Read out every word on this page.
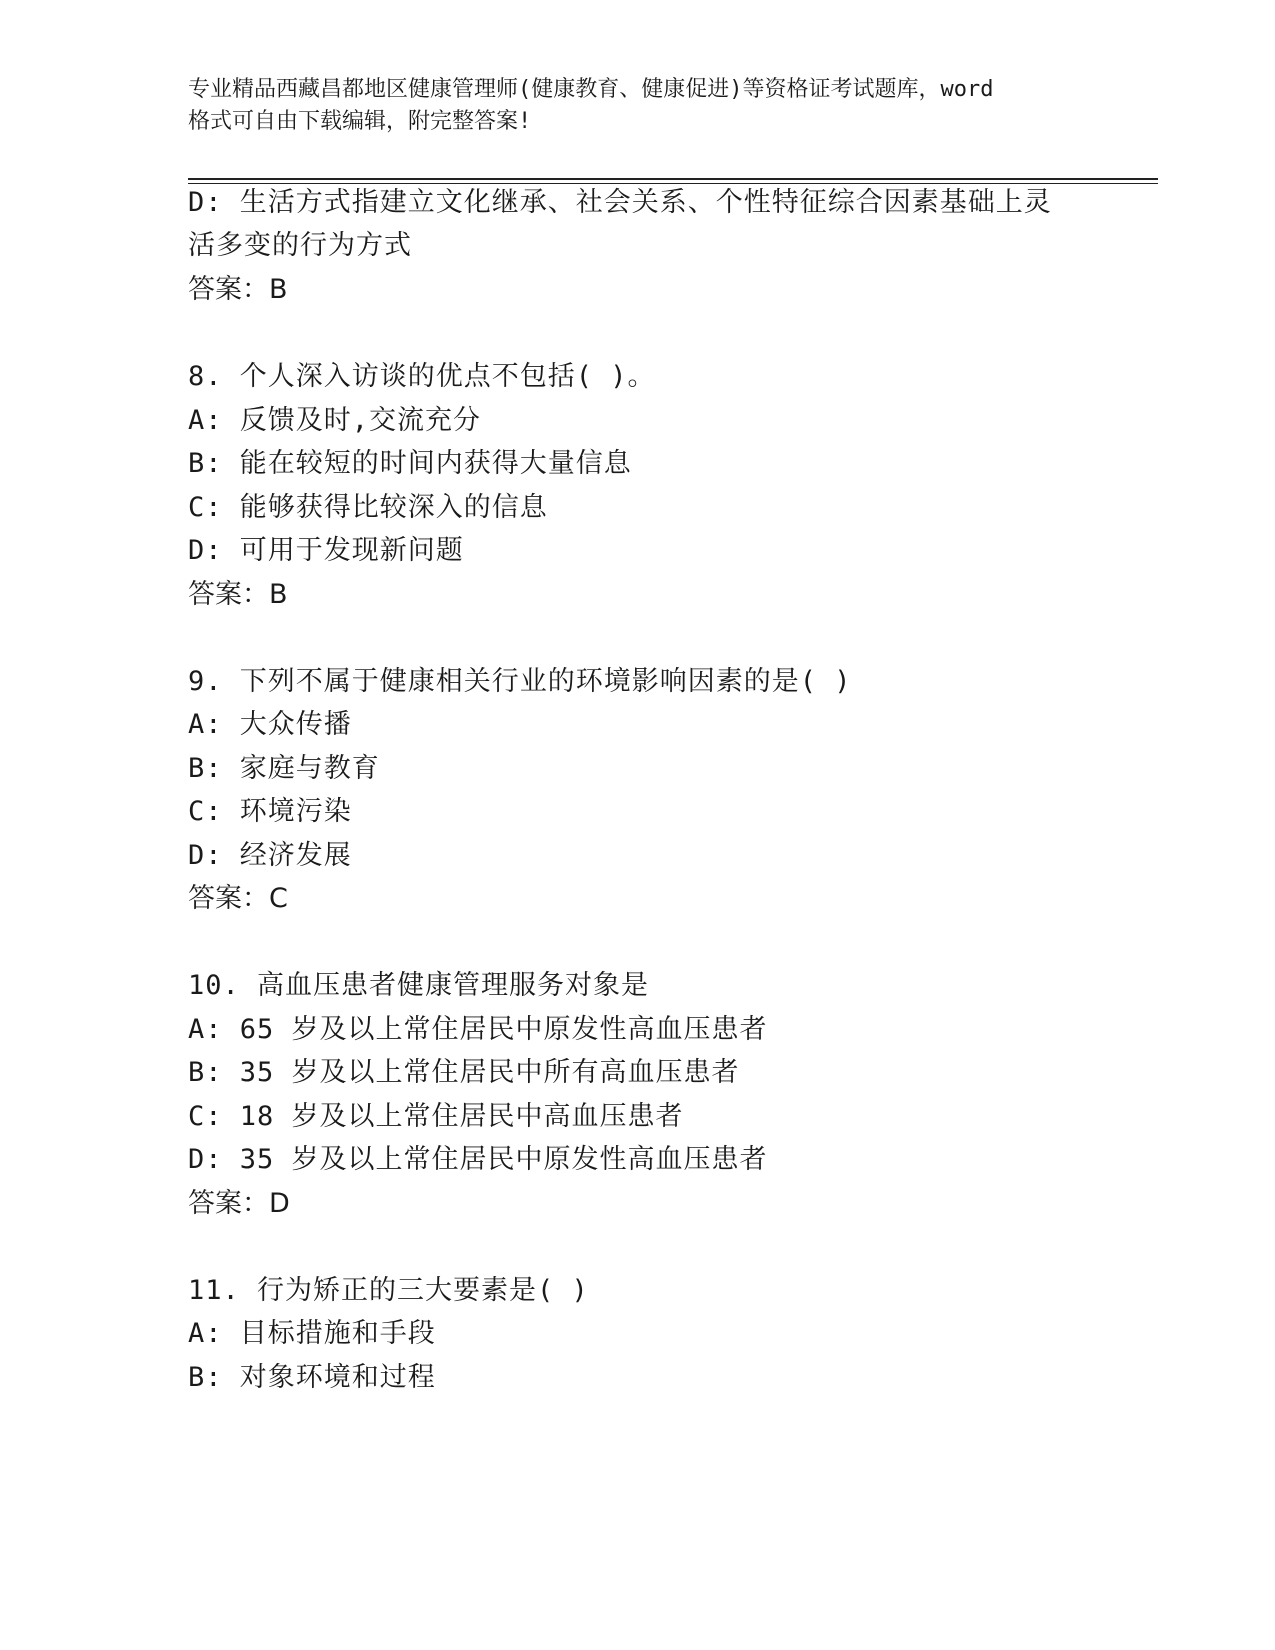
专业精品西藏昌都地区健康管理师(健康教育、健康促进)等资格证考试题库，word

格式可自由下载编辑，附完整答案!

D: 生活方式指建立文化继承、社会关系、个性特征综合因素基础上灵
活多变的行为方式
答案：B
8. 个人深入访谈的优点不包括( )。
A: 反馈及时,交流充分
B: 能在较短的时间内获得大量信息
C: 能够获得比较深入的信息
D: 可用于发现新问题
答案：B
9. 下列不属于健康相关行业的环境影响因素的是( )
A: 大众传播
B: 家庭与教育
C: 环境污染
D: 经济发展
答案：C
10. 高血压患者健康管理服务对象是
A: 65 岁及以上常住居民中原发性高血压患者
B: 35 岁及以上常住居民中所有高血压患者
C: 18 岁及以上常住居民中高血压患者
D: 35 岁及以上常住居民中原发性高血压患者
答案：D
11. 行为矫正的三大要素是( )
A: 目标措施和手段
B: 对象环境和过程
